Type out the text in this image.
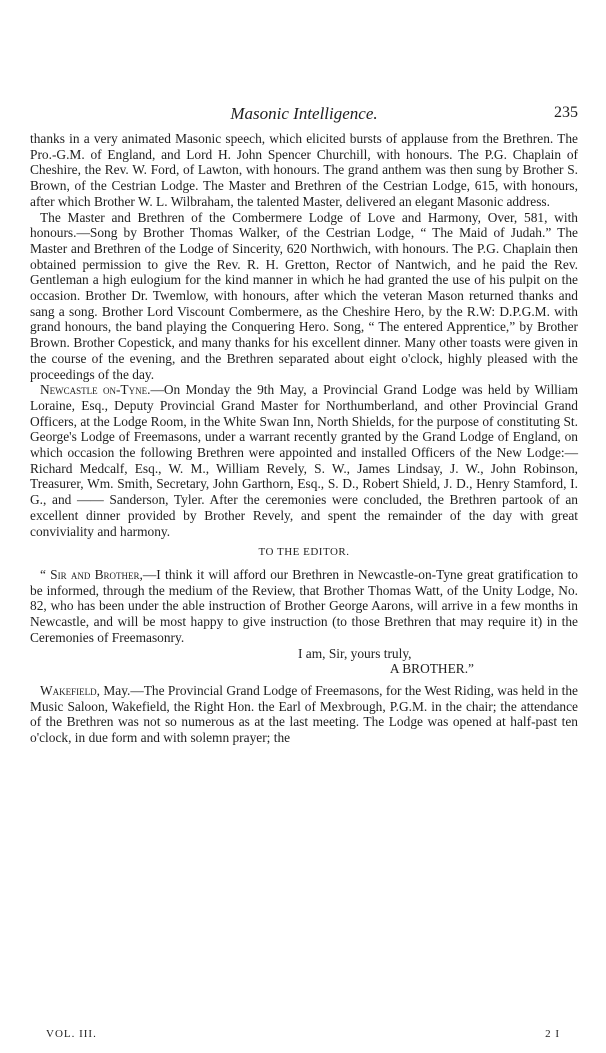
Masonic Intelligence.	235

thanks in a very animated Masonic speech, which elicited bursts of applause from the Brethren. The Pro.-G.M. of England, and Lord H. John Spencer Churchill, with honours. The P.G. Chaplain of Cheshire, the Rev. W. Ford, of Lawton, with honours. The grand anthem was then sung by Brother S. Brown, of the Cestrian Lodge. The Master and Brethren of the Cestrian Lodge, 615, with honours, after which Brother W. L. Wilbraham, the talented Master, delivered an elegant Masonic address.

The Master and Brethren of the Combermere Lodge of Love and Harmony, Over, 581, with honours.—Song by Brother Thomas Walker, of the Cestrian Lodge, “ The Maid of Judah.” The Master and Brethren of the Lodge of Sincerity, 620 Northwich, with honours. The P.G. Chaplain then obtained permission to give the Rev. R. H. Gretton, Rector of Nantwich, and he paid the Rev. Gentleman a high eulogium for the kind manner in which he had granted the use of his pulpit on the occasion. Brother Dr. Twemlow, with honours, after which the veteran Mason returned thanks and sang a song. Brother Lord Viscount Combermere, as the Cheshire Hero, by the R.W: D.P.G.M. with grand honours, the band playing the Conquering Hero. Song, “ The entered Apprentice,” by Brother Brown. Brother Copestick, and many thanks for his excellent dinner. Many other toasts were given in the course of the evening, and the Brethren separated about eight o'clock, highly pleased with the proceedings of the day.

Newcastle on-Tyne.—On Monday the 9th May, a Provincial Grand Lodge was held by William Loraine, Esq., Deputy Provincial Grand Master for Northumberland, and other Provincial Grand Officers, at the Lodge Room, in the White Swan Inn, North Shields, for the purpose of constituting St. George's Lodge of Freemasons, under a warrant recently granted by the Grand Lodge of England, on which occasion the following Brethren were appointed and installed Officers of the New Lodge:—Richard Medcalf, Esq., W. M., William Revely, S. W., James Lindsay, J. W., John Robinson, Treasurer, Wm. Smith, Secretary, John Garthorn, Esq., S. D., Robert Shield, J. D., Henry Stamford, I. G., and —— Sanderson, Tyler. After the ceremonies were concluded, the Brethren partook of an excellent dinner provided by Brother Revely, and spent the remainder of the day with great conviviality and harmony.

TO THE EDITOR.

“ Sir and Brother,—I think it will afford our Brethren in Newcastle-on-Tyne great gratification to be informed, through the medium of the Review, that Brother Thomas Watt, of the Unity Lodge, No. 82, who has been under the able instruction of Brother George Aarons, will arrive in a few months in Newcastle, and will be most happy to give instruction (to those Brethren that may require it) in the Ceremonies of Freemasonry.

I am, Sir, yours truly,

A BROTHER.”

Wakefield, May.—The Provincial Grand Lodge of Freemasons, for the West Riding, was held in the Music Saloon, Wakefield, the Right Hon. the Earl of Mexbrough, P.G.M. in the chair; the attendance of the Brethren was not so numerous as at the last meeting. The Lodge was opened at half-past ten o'clock, in due form and with solemn prayer; the

VOL. III.	2 I
